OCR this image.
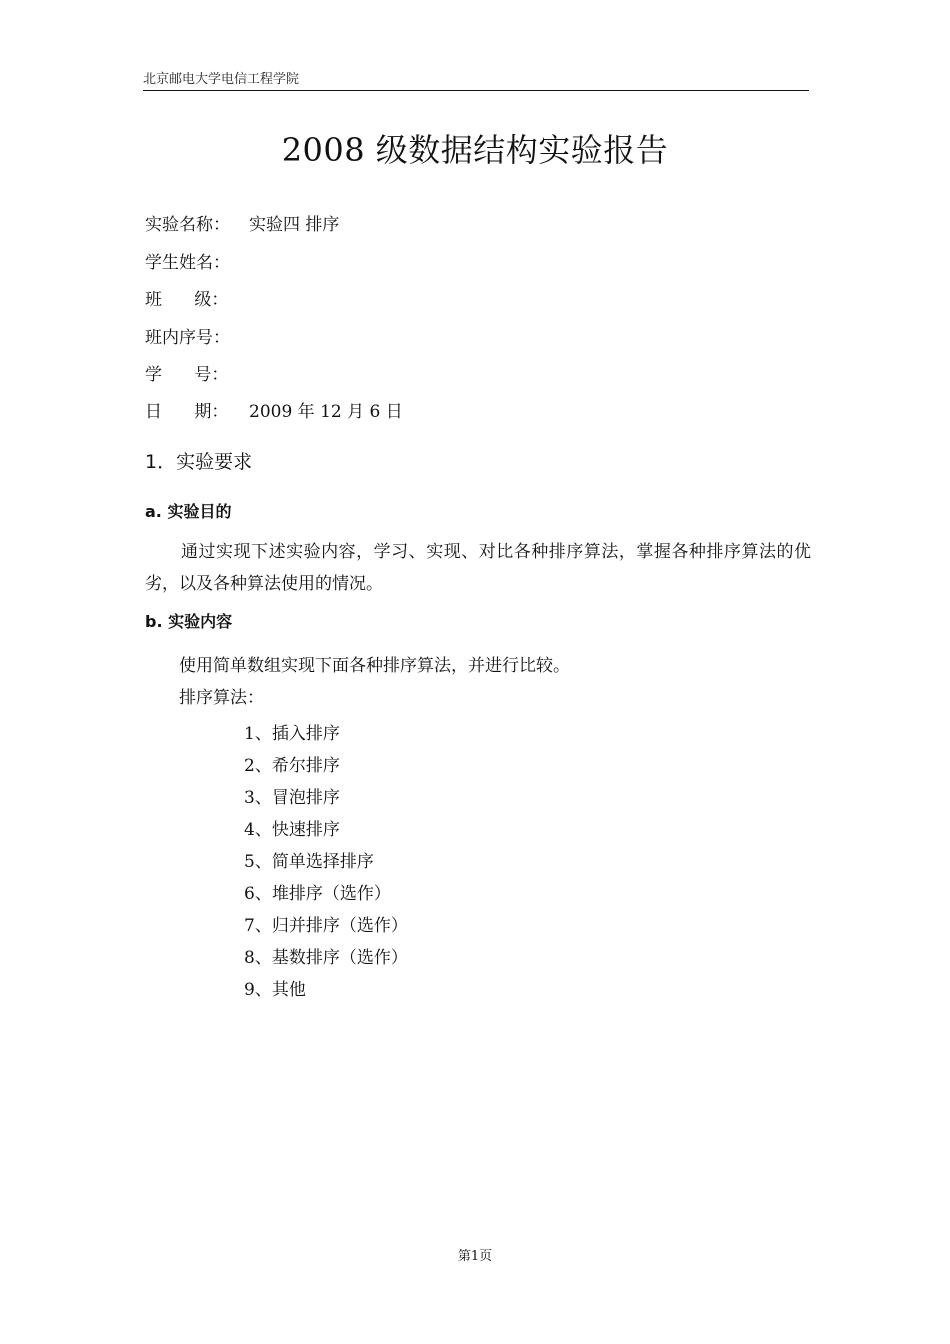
北京邮电大学电信工程学院
2008 级数据结构实验报告
实验名称： 实验四 排序
学生姓名：
班      级：
班内序号：
学      号：
日      期： 2009 年 12 月 6 日
1．实验要求
a. 实验目的
通过实现下述实验内容，学习、实现、对比各种排序算法，掌握各种排序算法的优劣，以及各种算法使用的情况。
b. 实验内容
使用简单数组实现下面各种排序算法，并进行比较。
排序算法：
1、插入排序
2、希尔排序
3、冒泡排序
4、快速排序
5、简单选择排序
6、堆排序（选作）
7、归并排序（选作）
8、基数排序（选作）
9、其他
第1页
